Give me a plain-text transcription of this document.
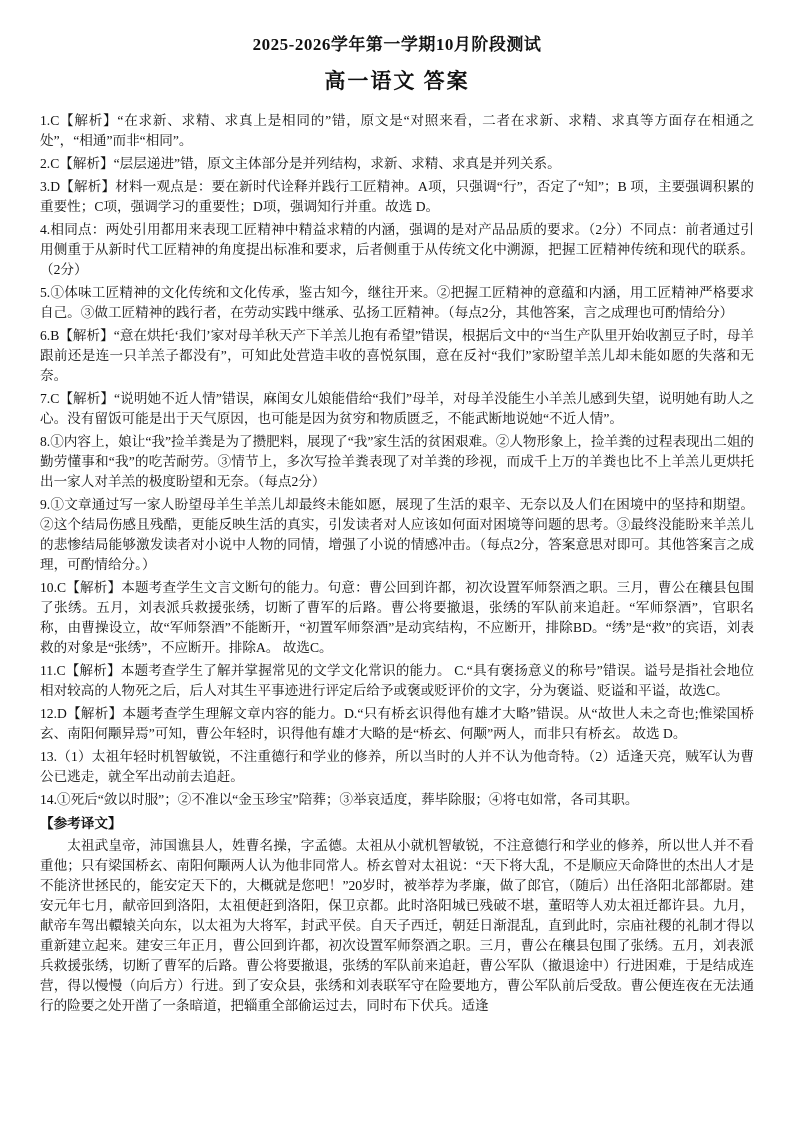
2025-2026学年第一学期10月阶段测试
高一语文 答案

1.C【解析】“在求新、求精、求真上是相同的”错，原文是“对照来看，二者在求新、求精、求真等方面存在相通之处”，“相通”而非“相同”。

2.C【解析】“层层递进”错，原文主体部分是并列结构，求新、求精、求真是并列关系。

3.D【解析】材料一观点是：要在新时代诠释并践行工匠精神。A项，只强调“行”，否定了“知”；B 项，主要强调积累的重要性；C项，强调学习的重要性；D项，强调知行并重。故选 D。

4.相同点：两处引用都用来表现工匠精神中精益求精的内涵，强调的是对产品品质的要求。（2分）不同点：前者通过引用侧重于从新时代工匠精神的角度提出标准和要求，后者侧重于从传统文化中溯源，把握工匠精神传统和现代的联系。（2分）

5.①体味工匠精神的文化传统和文化传承，鉴古知今，继往开来。②把握工匠精神的意蕴和内涵，用工匠精神严格要求自己。③做工匠精神的践行者，在劳动实践中继承、弘扬工匠精神。（每点2分，其他答案，言之成理也可酌情给分）

6.B【解析】“意在烘托‘我们’家对母羊秋天产下羊羔儿抱有希望”错误，根据后文中的“当生产队里开始收割豆子时，母羊跟前还是连一只羊羔子都没有”，可知此处营造丰收的喜悦氛围，意在反衬“我们”家盼望羊羔儿却未能如愿的失落和无奈。

7.C【解析】“说明她不近人情”错误，麻闺女儿娘能借给“我们”母羊，对母羊没能生小羊羔儿感到失望，说明她有助人之心。没有留饭可能是出于天气原因，也可能是因为贫穷和物质匮乏，不能武断地说她“不近人情”。

8.①内容上，娘让“我”捡羊粪是为了攒肥料，展现了“我”家生活的贫困艰难。②人物形象上，捡羊粪的过程表现出二姐的勤劳懂事和“我”的吃苦耐劳。③情节上，多次写捡羊粪表现了对羊粪的珍视，而成千上万的羊粪也比不上羊羔儿更烘托出一家人对羊羔的极度盼望和无奈。（每点2分）

9.①文章通过写一家人盼望母羊生羊羔儿却最终未能如愿，展现了生活的艰辛、无奈以及人们在困境中的坚持和期望。②这个结局伤感且残酷，更能反映生活的真实，引发读者对人应该如何面对困境等问题的思考。③最终没能盼来羊羔儿的悲惨结局能够激发读者对小说中人物的同情，增强了小说的情感冲击。（每点2分，答案意思对即可。其他答案言之成理，可酌情给分。）

10.C【解析】本题考查学生文言文断句的能力。句意：曹公回到许都，初次设置军师祭酒之职。三月，曹公在穰县包围了张绣。五月，刘表派兵救援张绣，切断了曹军的后路。曹公将要撤退，张绣的军队前来追赶。“军师祭酒”，官职名称，由曹操设立，故“军师祭酒”不能断开，“初置军师祭酒”是动宾结构，不应断开，排除BD。“绣”是“救”的宾语，刘表救的对象是“张绣”，不应断开。排除A。 故选C。

11.C【解析】本题考查学生了解并掌握常见的文学文化常识的能力。 C.“具有褒扬意义的称号”错误。谥号是指社会地位相对较高的人物死之后，后人对其生平事迹进行评定后给予或褒或贬评价的文字，分为褒谥、贬谥和平谥，故选C。

12.D【解析】本题考查学生理解文章内容的能力。D.“只有桥玄识得他有雄才大略”错误。从“故世人未之奇也;惟梁国桥玄、南阳何颙异焉”可知，曹公年轻时，识得他有雄才大略的是“桥玄、何颙”两人，而非只有桥玄。 故选 D。

13.（1）太祖年轻时机智敏锐，不注重德行和学业的修养，所以当时的人并不认为他奇特。（2）适逢天亮，贼军认为曹公已逃走，就全军出动前去追赶。

14.①死后“敛以时服”；②不准以“金玉珍宝”陪葬；③举哀适度，葬毕除服；④将屯如常，各司其职。

【参考译文】

太祖武皇帝，沛国谯县人，姓曹名操，字孟德。太祖从小就机智敏锐，不注意德行和学业的修养，所以世人并不看重他；只有梁国桥玄、南阳何颙两人认为他非同常人。桥玄曾对太祖说：“天下将大乱，不是顺应天命降世的杰出人才是不能济世拯民的，能安定天下的，大概就是您吧！”20岁时，被举荐为孝廉，做了郎官，（随后）出任洛阳北部都尉。建安元年七月，献帝回到洛阳，太祖便赶到洛阳，保卫京都。此时洛阳城已残破不堪，董昭等人劝太祖迁都许县。九月，献帝车驾出轘辕关向东，以太祖为大将军，封武平侯。自天子西迁，朝廷日渐混乱，直到此时，宗庙社稷的礼制才得以重新建立起来。建安三年正月，曹公回到许都，初次设置军师祭酒之职。三月，曹公在穰县包围了张绣。五月，刘表派兵救援张绣，切断了曹军的后路。曹公将要撤退，张绣的军队前来追赶，曹公军队（撤退途中）行进困难，于是结成连营，得以慢慢（向后方）行进。到了安众县，张绣和刘表联军守在险要地方，曹公军队前后受敌。曹公便连夜在无法通行的险要之处开凿了一条暗道，把辎重全部偷运过去，同时布下伏兵。适逢
